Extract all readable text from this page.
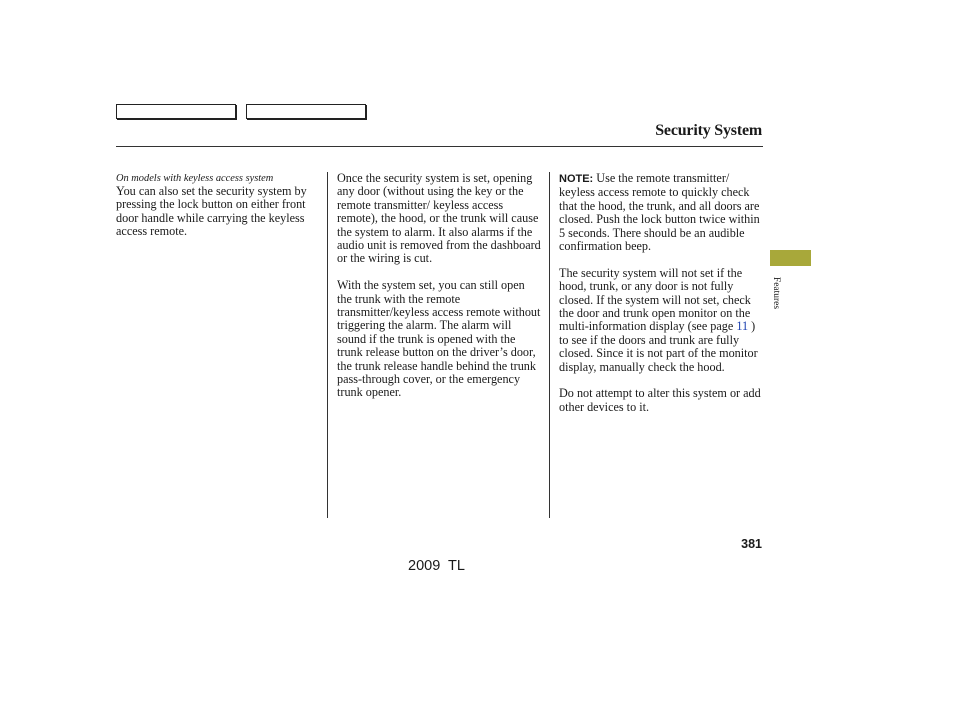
Security System
On models with keyless access system

You can also set the security system by pressing the lock button on either front door handle while carrying the keyless access remote.

Once the security system is set, opening any door (without using the key or the remote transmitter/ keyless access remote), the hood, or the trunk will cause the system to alarm. It also alarms if the audio unit is removed from the dashboard or the wiring is cut.

With the system set, you can still open the trunk with the remote transmitter/keyless access remote without triggering the alarm. The alarm will sound if the trunk is opened with the trunk release button on the driver’s door, the trunk release handle behind the trunk pass-through cover, or the emergency trunk opener.

NOTE: Use the remote transmitter/ keyless access remote to quickly check that the hood, the trunk, and all doors are closed. Push the lock button twice within 5 seconds. There should be an audible confirmation beep.

The security system will not set if the hood, trunk, or any door is not fully closed. If the system will not set, check the door and trunk open monitor on the multi-information display (see page 11 ) to see if the doors and trunk are fully closed. Since it is not part of the monitor display, manually check the hood.

Do not attempt to alter this system or add other devices to it.

Features
381
2009 TL
